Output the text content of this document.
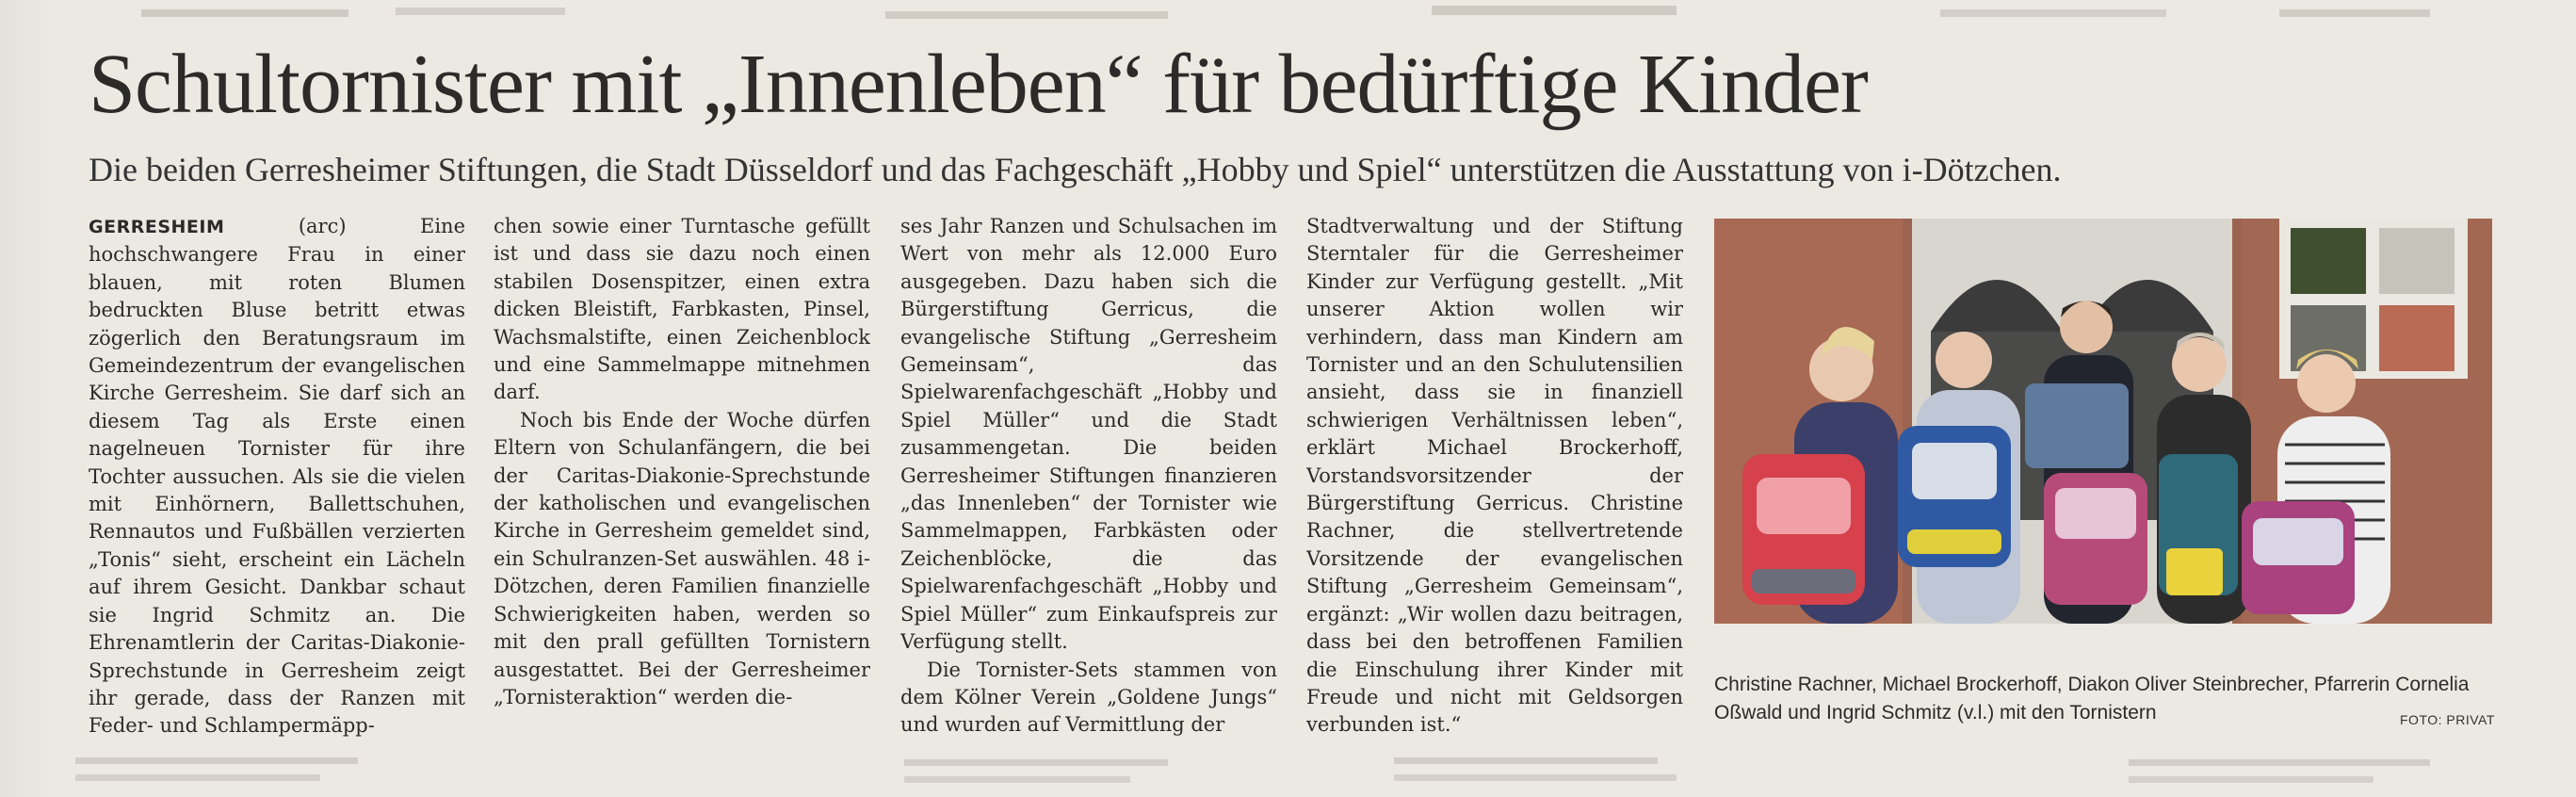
Schultornister mit „Innenleben“ für bedürftige Kinder
Die beiden Gerresheimer Stiftungen, die Stadt Düsseldorf und das Fachgeschäft „Hobby und Spiel“ unterstützen die Ausstattung von i-Dötzchen.

GERRESHEIM (arc) Eine hochschwangere Frau in einer blauen, mit roten Blumen bedruckten Bluse betritt etwas zögerlich den Beratungsraum im Gemeindezentrum der evangelischen Kirche Gerresheim. Sie darf sich an diesem Tag als Erste einen nagelneuen Tornister für ihre Tochter aussuchen. Als sie die vielen mit Einhörnern, Ballettschuhen, Rennautos und Fußbällen verzierten „Tonis“ sieht, erscheint ein Lächeln auf ihrem Gesicht. Dankbar schaut sie Ingrid Schmitz an. Die Ehrenamtlerin der Caritas-Diakonie-Sprechstunde in Gerresheim zeigt ihr gerade, dass der Ranzen mit Feder- und Schlampermäpp-

chen sowie einer Turntasche gefüllt ist und dass sie dazu noch einen stabilen Dosenspitzer, einen extra dicken Bleistift, Farbkasten, Pinsel, Wachsmalstifte, einen Zeichenblock und eine Sammelmappe mitnehmen darf.

Noch bis Ende der Woche dürfen Eltern von Schulanfängern, die bei der Caritas-Diakonie-Sprechstunde der katholischen und evangelischen Kirche in Gerresheim gemeldet sind, ein Schulranzen-Set auswählen. 48 i-Dötzchen, deren Familien finanzielle Schwierigkeiten haben, werden so mit den prall gefüllten Tornistern ausgestattet. Bei der Gerresheimer „Tornisteraktion“ werden die-

ses Jahr Ranzen und Schulsachen im Wert von mehr als 12.000 Euro ausgegeben. Dazu haben sich die Bürgerstiftung Gerricus, die evangelische Stiftung „Gerresheim Gemeinsam“, das Spielwarenfachgeschäft „Hobby und Spiel Müller“ und die Stadt zusammengetan. Die beiden Gerresheimer Stiftungen finanzieren „das Innenleben“ der Tornister wie Sammelmappen, Farbkästen oder Zeichenblöcke, die das Spielwarenfachgeschäft „Hobby und Spiel Müller“ zum Einkaufspreis zur Verfügung stellt.

Die Tornister-Sets stammen von dem Kölner Verein „Goldene Jungs“ und wurden auf Vermittlung der

Stadtverwaltung und der Stiftung Sterntaler für die Gerresheimer Kinder zur Verfügung gestellt. „Mit unserer Aktion wollen wir verhindern, dass man Kindern am Tornister und an den Schulutensilien ansieht, dass sie in finanziell schwierigen Verhältnissen leben“, erklärt Michael Brockerhoff, Vorstandsvorsitzender der Bürgerstiftung Gerricus. Christine Rachner, die stellvertretende Vorsitzende der evangelischen Stiftung „Gerresheim Gemeinsam“, ergänzt: „Wir wollen dazu beitragen, dass bei den betroffenen Familien die Einschulung ihrer Kinder mit Freude und nicht mit Geldsorgen verbunden ist.“

Christine Rachner, Michael Brockerhoff, Diakon Oliver Steinbrecher, Pfarrerin Cornelia Oßwald und Ingrid Schmitz (v.l.) mit den Tornistern	FOTO: PRIVAT
